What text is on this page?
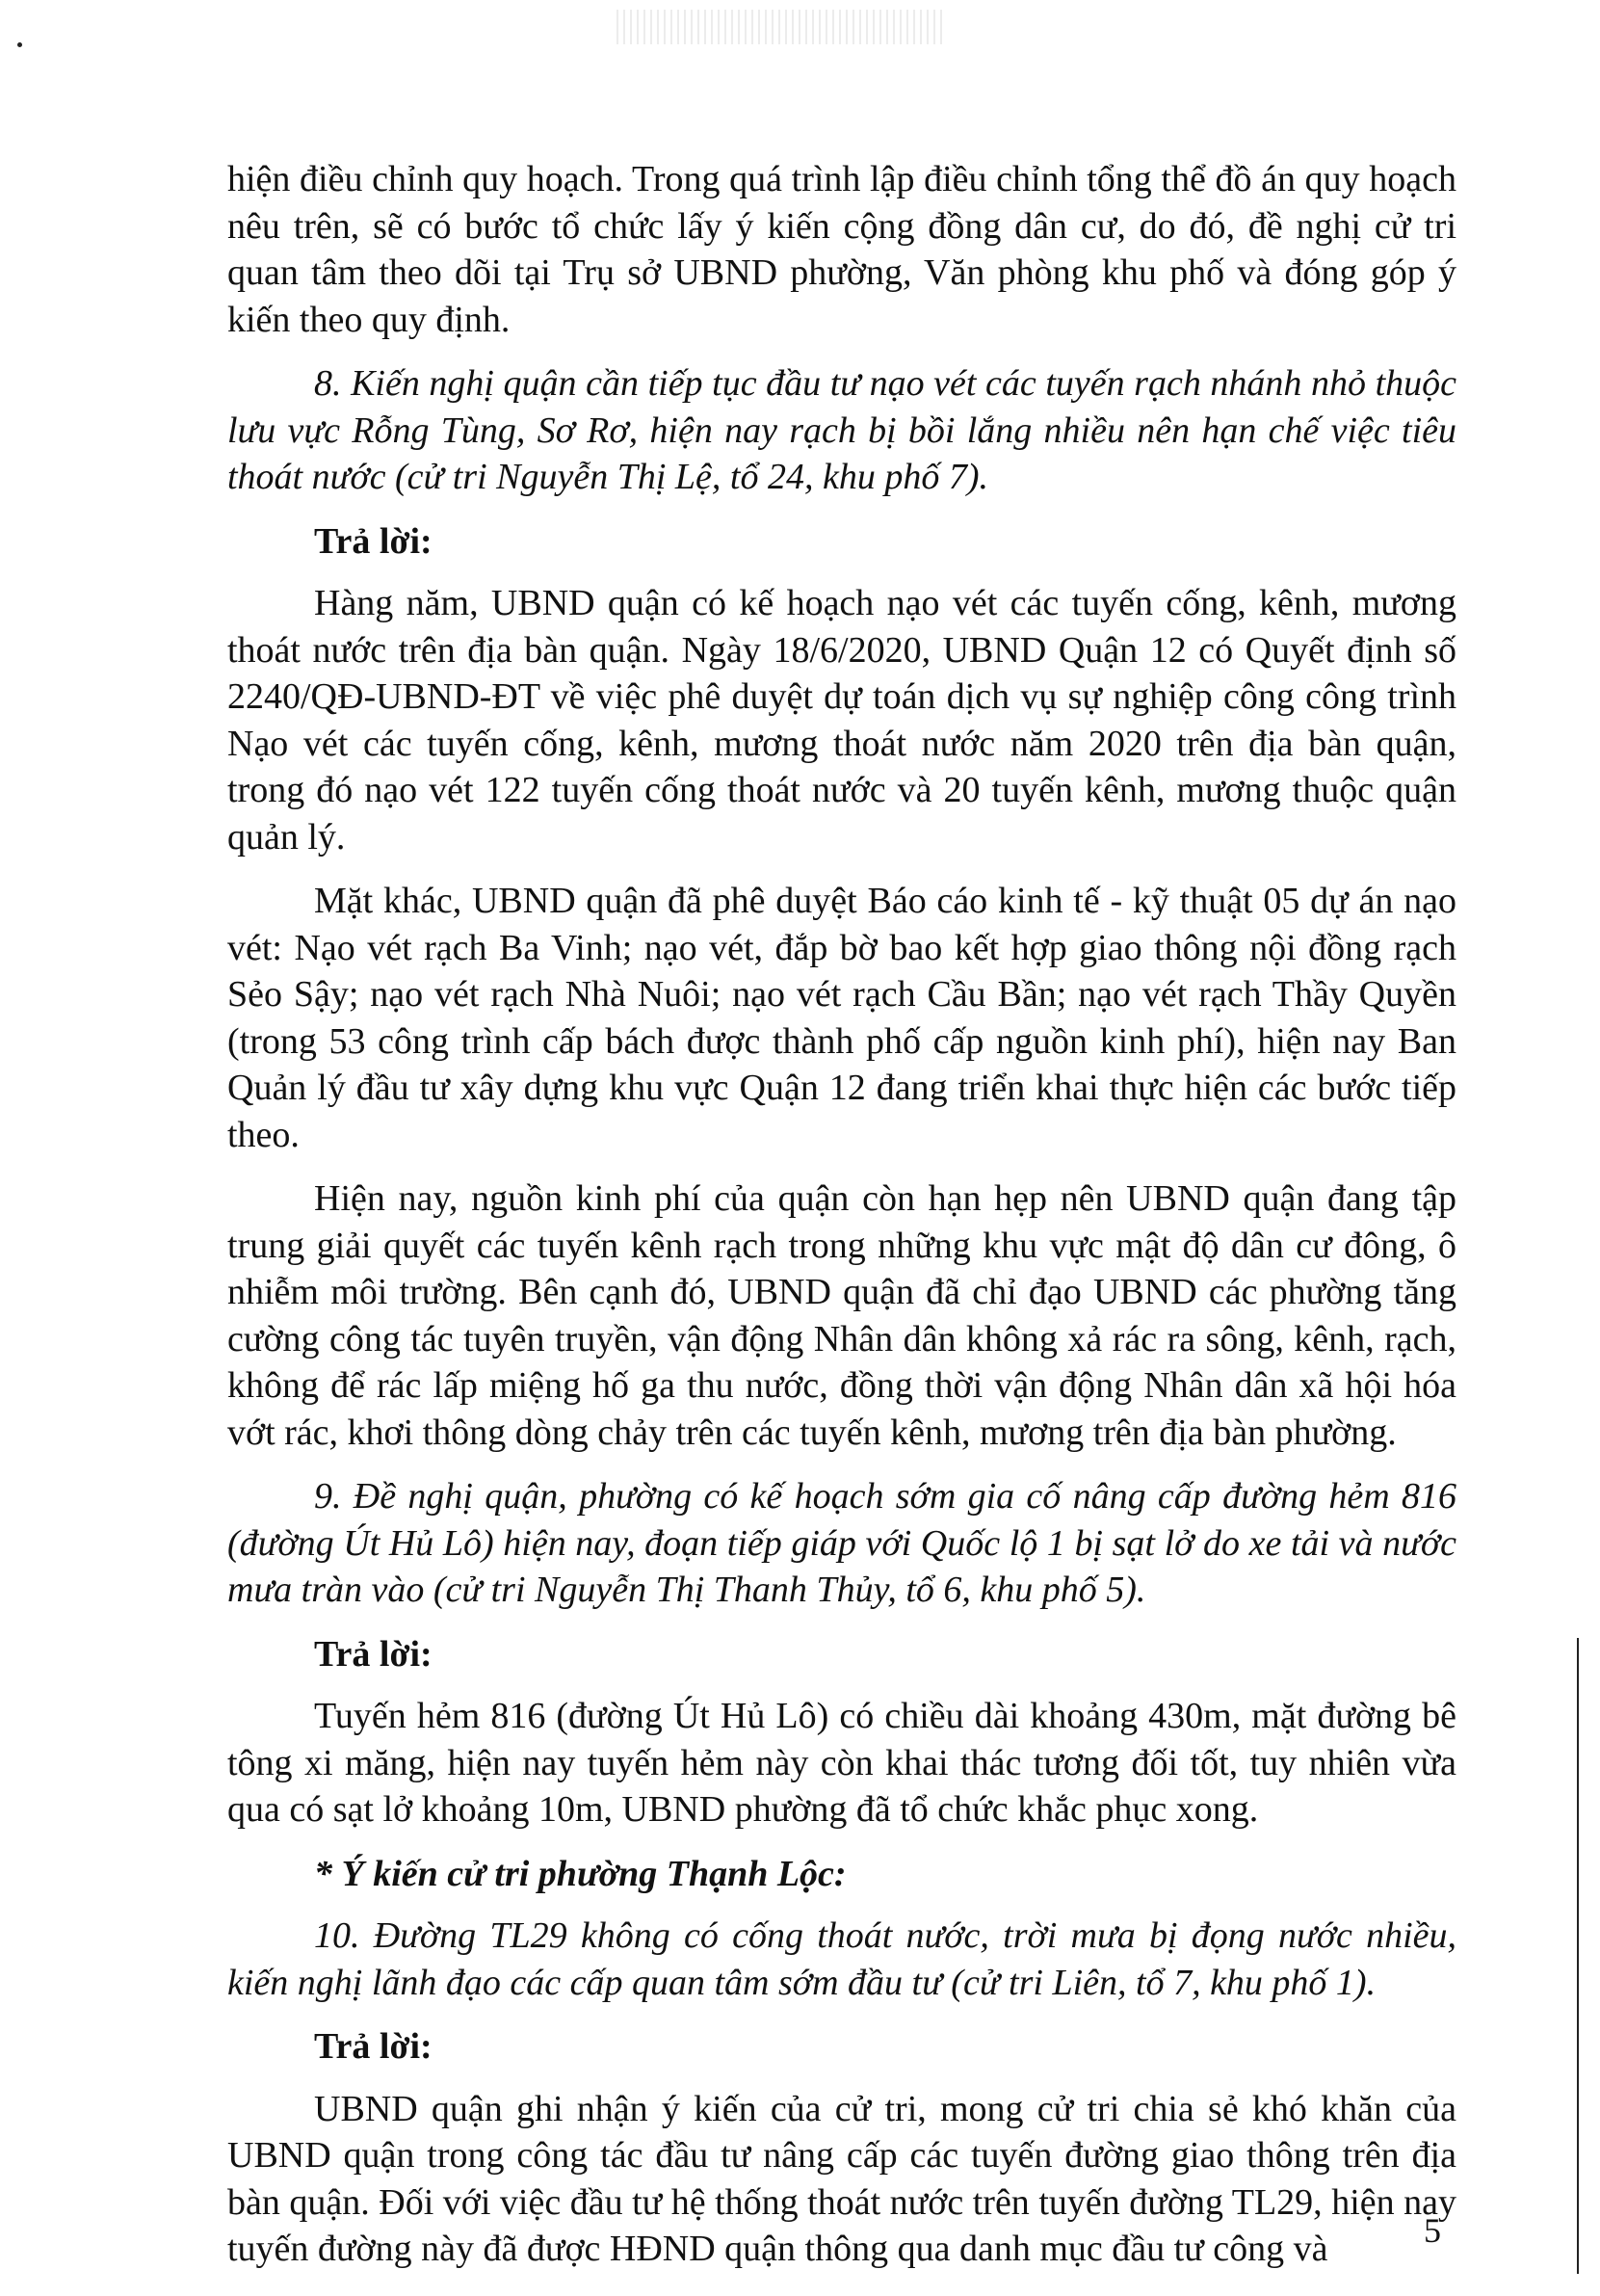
hiện điều chỉnh quy hoạch. Trong quá trình lập điều chỉnh tổng thể đồ án quy hoạch nêu trên, sẽ có bước tổ chức lấy ý kiến cộng đồng dân cư, do đó, đề nghị cử tri quan tâm theo dõi tại Trụ sở UBND phường, Văn phòng khu phố và đóng góp ý kiến theo quy định.

8. Kiến nghị quận cần tiếp tục đầu tư nạo vét các tuyến rạch nhánh nhỏ thuộc lưu vực Rỗng Tùng, Sơ Rơ, hiện nay rạch bị bồi lắng nhiều nên hạn chế việc tiêu thoát nước (cử tri Nguyễn Thị Lệ, tổ 24, khu phố 7).

Trả lời:

Hàng năm, UBND quận có kế hoạch nạo vét các tuyến cống, kênh, mương thoát nước trên địa bàn quận. Ngày 18/6/2020, UBND Quận 12 có Quyết định số 2240/QĐ-UBND-ĐT về việc phê duyệt dự toán dịch vụ sự nghiệp công công trình Nạo vét các tuyến cống, kênh, mương thoát nước năm 2020 trên địa bàn quận, trong đó nạo vét 122 tuyến cống thoát nước và 20 tuyến kênh, mương thuộc quận quản lý.

Mặt khác, UBND quận đã phê duyệt Báo cáo kinh tế - kỹ thuật 05 dự án nạo vét: Nạo vét rạch Ba Vinh; nạo vét, đắp bờ bao kết hợp giao thông nội đồng rạch Sẻo Sậy; nạo vét rạch Nhà Nuôi; nạo vét rạch Cầu Bần; nạo vét rạch Thầy Quyền (trong 53 công trình cấp bách được thành phố cấp nguồn kinh phí), hiện nay Ban Quản lý đầu tư xây dựng khu vực Quận 12 đang triển khai thực hiện các bước tiếp theo.

Hiện nay, nguồn kinh phí của quận còn hạn hẹp nên UBND quận đang tập trung giải quyết các tuyến kênh rạch trong những khu vực mật độ dân cư đông, ô nhiễm môi trường. Bên cạnh đó, UBND quận đã chỉ đạo UBND các phường tăng cường công tác tuyên truyền, vận động Nhân dân không xả rác ra sông, kênh, rạch, không để rác lấp miệng hố ga thu nước, đồng thời vận động Nhân dân xã hội hóa vớt rác, khơi thông dòng chảy trên các tuyến kênh, mương trên địa bàn phường.

9. Đề nghị quận, phường có kế hoạch sớm gia cố nâng cấp đường hẻm 816 (đường Út Hủ Lô) hiện nay, đoạn tiếp giáp với Quốc lộ 1 bị sạt lở do xe tải và nước mưa tràn vào (cử tri Nguyễn Thị Thanh Thủy, tổ 6, khu phố 5).

Trả lời:

Tuyến hẻm 816 (đường Út Hủ Lô) có chiều dài khoảng 430m, mặt đường bê tông xi măng, hiện nay tuyến hẻm này còn khai thác tương đối tốt, tuy nhiên vừa qua có sạt lở khoảng 10m, UBND phường đã tổ chức khắc phục xong.

* Ý kiến cử tri phường Thạnh Lộc:

10. Đường TL29 không có cống thoát nước, trời mưa bị đọng nước nhiều, kiến nghị lãnh đạo các cấp quan tâm sớm đầu tư (cử tri Liên, tổ 7, khu phố 1).

Trả lời:

UBND quận ghi nhận ý kiến của cử tri, mong cử tri chia sẻ khó khăn của UBND quận trong công tác đầu tư nâng cấp các tuyến đường giao thông trên địa bàn quận. Đối với việc đầu tư hệ thống thoát nước trên tuyến đường TL29, hiện nay tuyến đường này đã được HĐND quận thông qua danh mục đầu tư công và	5
